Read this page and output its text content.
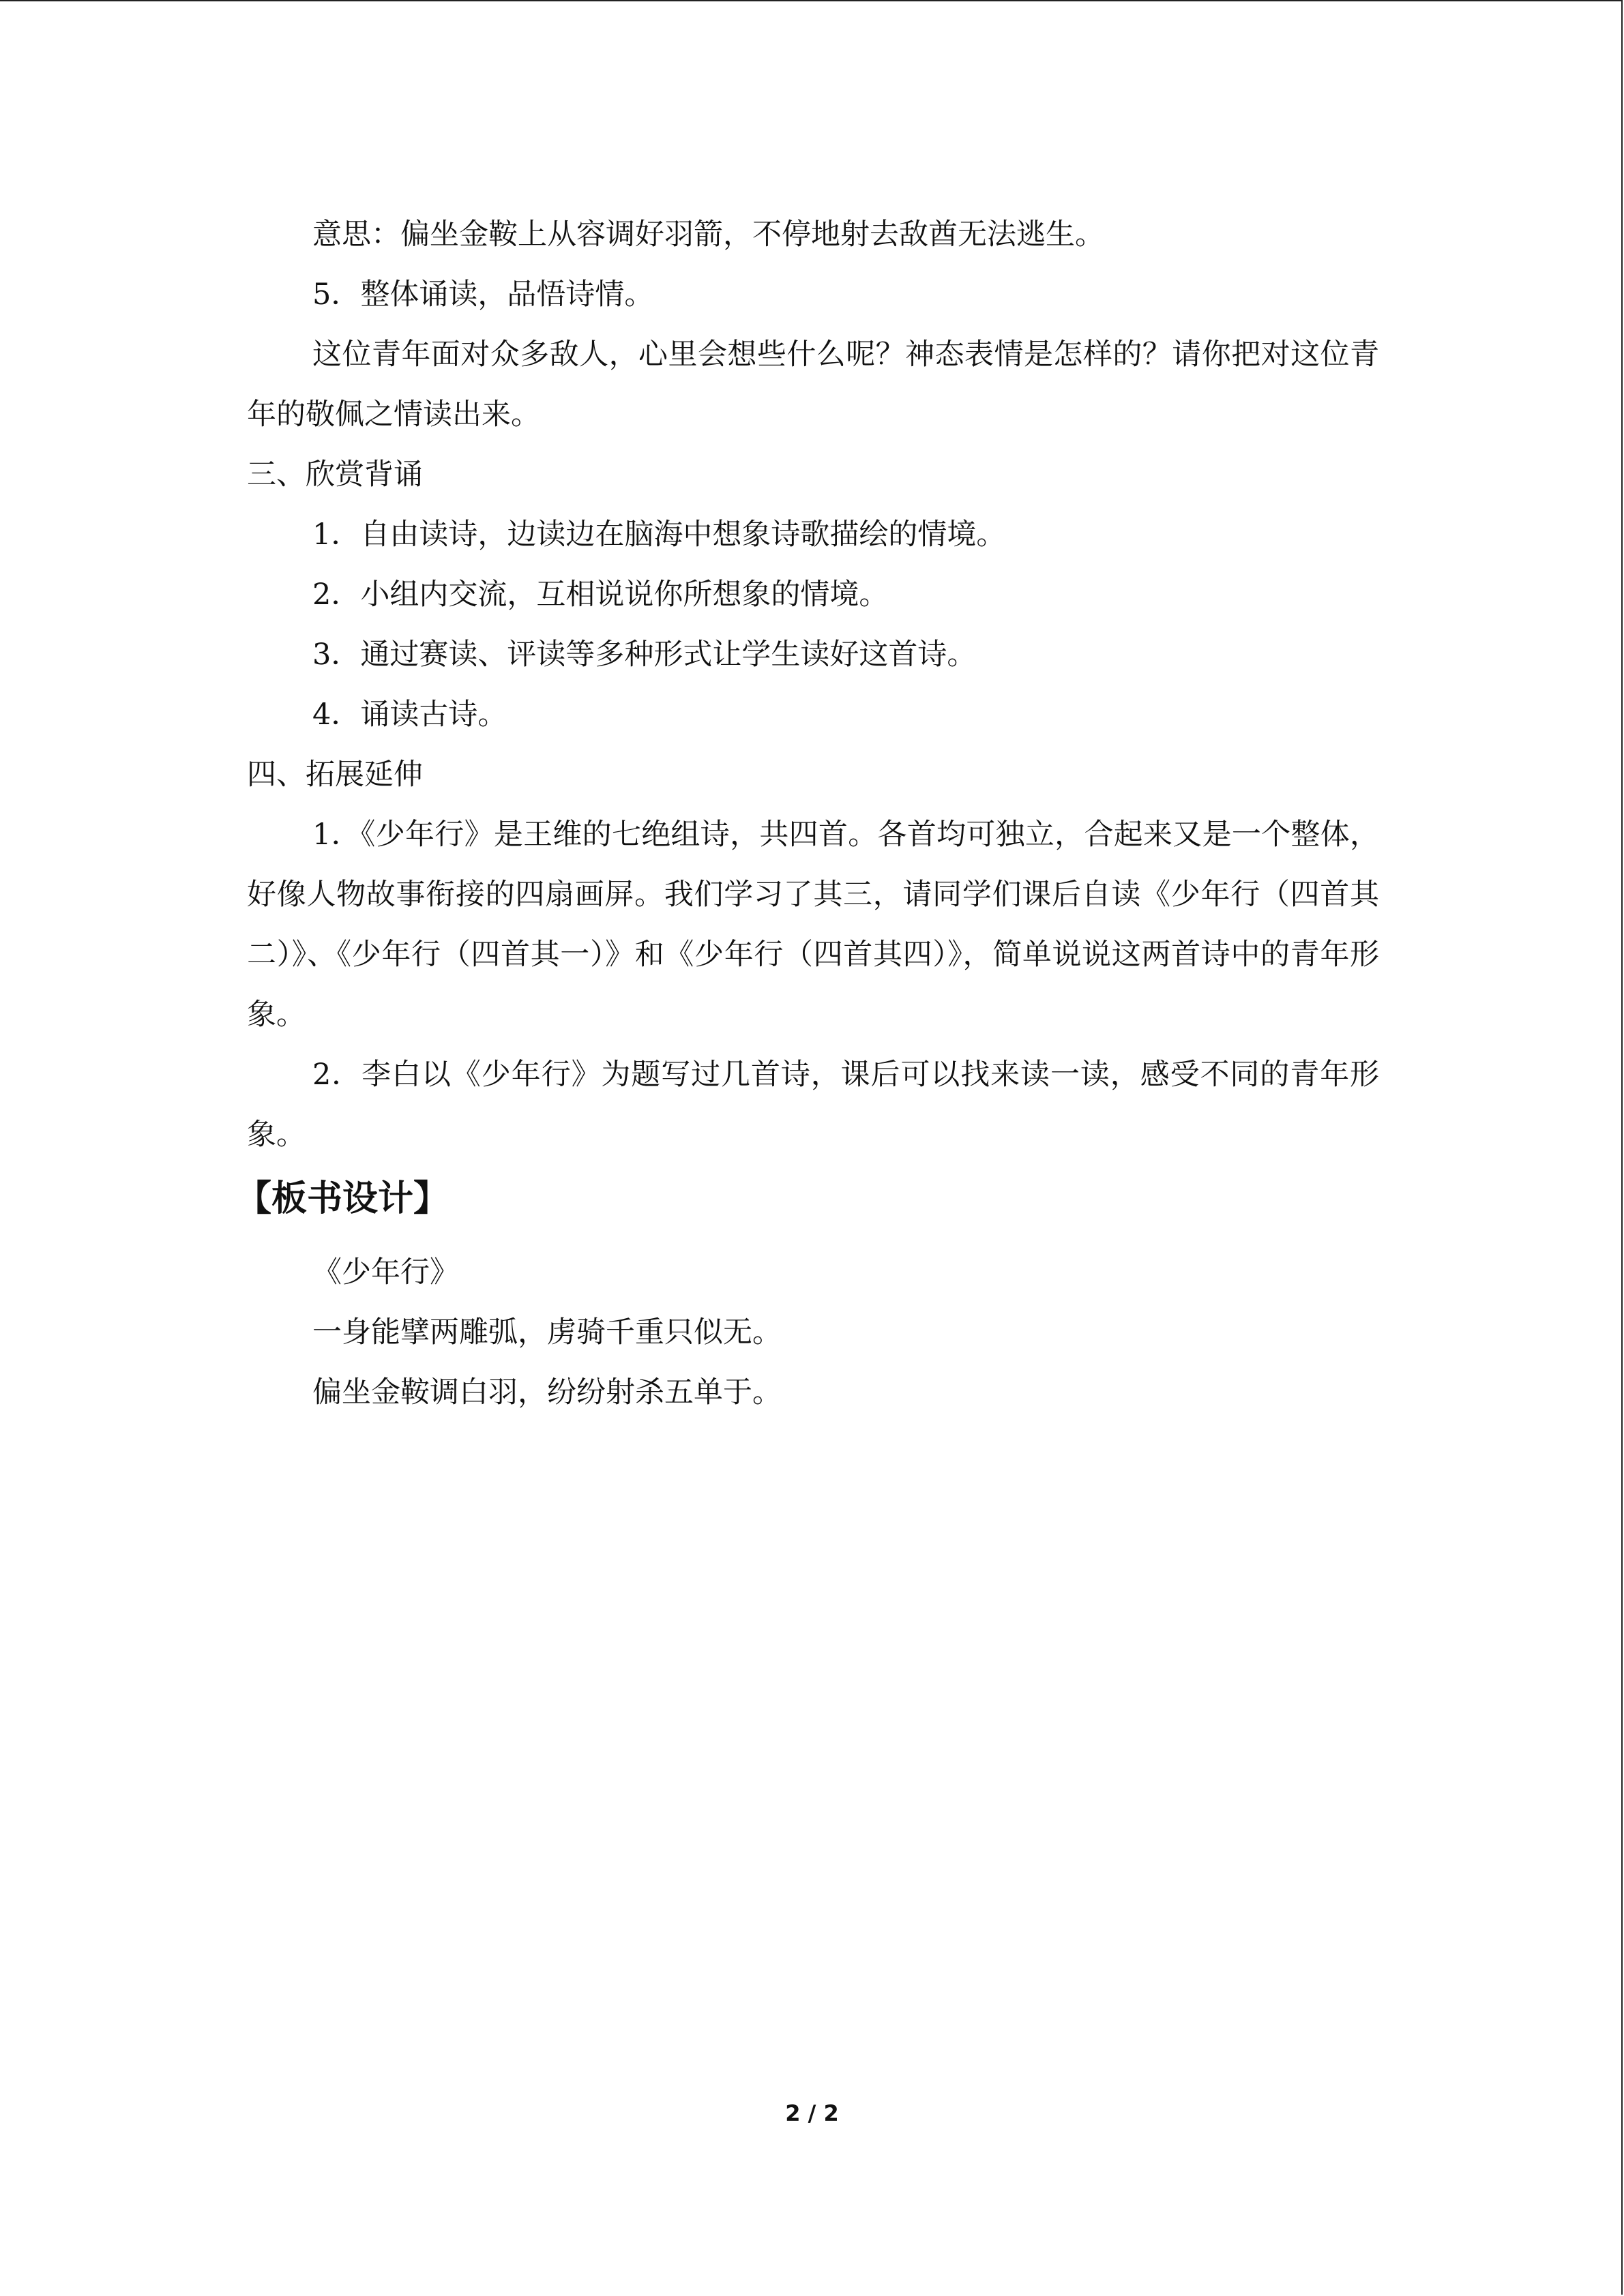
意思：偏坐金鞍上从容调好羽箭，不停地射去敌酋无法逃生。

5．整体诵读，品悟诗情。

这位青年面对众多敌人，心里会想些什么呢？神态表情是怎样的？请你把对这位青年的敬佩之情读出来。

三、欣赏背诵

1．自由读诗，边读边在脑海中想象诗歌描绘的情境。

2．小组内交流，互相说说你所想象的情境。

3．通过赛读、评读等多种形式让学生读好这首诗。

4．诵读古诗。

四、拓展延伸

1．《少年行》是王维的七绝组诗，共四首。各首均可独立，合起来又是一个整体，好像人物故事衔接的四扇画屏。我们学习了其三，请同学们课后自读《少年行（四首其二）》、《少年行（四首其一）》和《少年行（四首其四）》，简单说说这两首诗中的青年形象。

2．李白以《少年行》为题写过几首诗，课后可以找来读一读，感受不同的青年形象。

【板书设计】

《少年行》

一身能擘两雕弧，虏骑千重只似无。

偏坐金鞍调白羽，纷纷射杀五单于。

2 / 2
